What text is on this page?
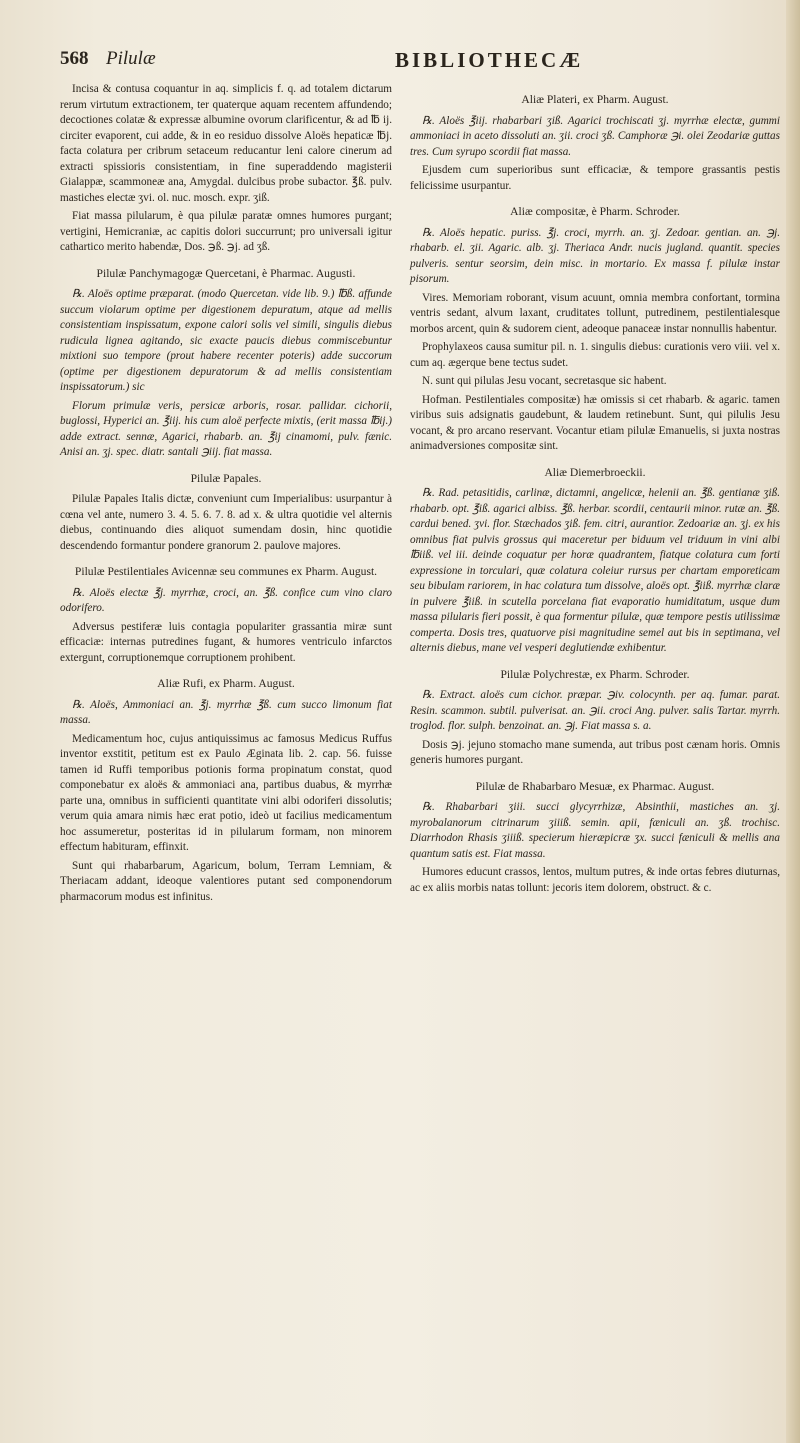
568 Pilulæ	BIBLIOTHECÆ

Incisa & contusa coquantur in aq. simplicis f. q. ad totalem dictarum rerum virtutum extractionem, ter quaterque aquam recentem affundendo; decoctiones colatæ & expressæ albumine ovorum clarificentur, & ad ℔ ij. circiter evaporent, cui adde, & in eo residuo dissolve Aloës hepaticæ ℔j. facta colatura per cribrum setaceum reducantur leni calore cinerum ad extracti spissioris consistentiam, in fine superaddendo magisterii Gialappæ, scammoneæ ana, Amygdal. dulcibus probe subactor. ℥ß. pulv. mastiches electæ ʒvi. ol. nuc. mosch. expr. ʒiß.

Fiat massa pilularum, è qua pilulæ paratæ omnes humores purgant; vertigini, Hemicraniæ, ac capitis dolori succurrunt; pro universali igitur cathartico merito habendæ, Dos. ℈ß. ℈j. ad ʒß.

Pilulæ Panchymagogæ Quercetani, è Pharmac. Augusti.

℞. Aloës optime præparat. (modo Quercetan. vide lib. 9.) ℔ß. affunde succum violarum optime per digestionem depuratum, atque ad mellis consistentiam inspissatum, expone calori solis vel simili, singulis diebus rudicula lignea agitando, sic exacte paucis diebus commiscebuntur mixtioni suo tempore (prout habere recenter poteris) adde succorum (optime per digestionem depuratorum & ad mellis consistentiam inspissatorum.) sic

Florum primulæ veris, persicæ arboris, rosar. pallidar. cichorii, buglossi, Hyperici an. ℥iij. his cum aloë perfecte mixtis, (erit massa ℔ij.) adde extract. sennæ, Agarici, rhabarb. an. ℥ij cinamomi, pulv. fænic. Anisi an. ʒj. spec. diatr. santali ℈iij. fiat massa.

Pilulæ Papales.

Pilulæ Papales Italis dictæ, conveniunt cum Imperialibus: usurpantur à cœna vel ante, numero 3. 4. 5. 6. 7. 8. ad x. & ultra quotidie vel alternis diebus, continuando dies aliquot sumendam dosin, hinc quotidie descendendo formantur pondere granorum 2. paulove majores.

Pilulæ Pestilentiales Avicennæ seu communes ex Pharm. August.

℞. Aloës electæ ℥j. myrrhæ, croci, an. ℥ß. confice cum vino claro odorifero.

Adversus pestiferæ luis contagia populariter grassantia miræ sunt efficaciæ: internas putredines fugant, & humores ventriculo infarctos extergunt, corruptionemque corruptionem prohibent.

Aliæ Rufi, ex Pharm. August.

℞. Aloës, Ammoniaci an. ℥j. myrrhæ ℥ß. cum succo limonum fiat massa.

Medicamentum hoc, cujus antiquissimus ac famosus Medicus Ruffus inventor exstitit, petitum est ex Paulo Æginata lib. 2. cap. 56. fuisse tamen id Ruffi temporibus potionis forma propinatum constat, quod componebatur ex aloës & ammoniaci ana, partibus duabus, & myrrhæ parte una, omnibus in sufficienti quantitate vini albi odoriferi dissolutis; verum quia amara nimis hæc erat potio, ideò ut facilius medicamentum hoc assumeretur, posteritas id in pilularum formam, non minorem effectum habituram, effinxit.

Sunt qui rhabarbarum, Agaricum, bolum, Terram Lemniam, & Theriacam addant, ideoque valentiores putant sed componendorum pharmacorum modus est infinitus.

Aliæ Plateri, ex Pharm. August.

℞. Aloës ℥iij. rhabarbari ʒiß. Agarici trochiscati ʒj. myrrhæ electæ, gummi ammoniaci in aceto dissoluti an. ʒii. croci ʒß. Camphoræ ℈i. olei Zeodariæ guttas tres. Cum syrupo scordii fiat massa.

Ejusdem cum superioribus sunt efficaciæ, & tempore grassantis pestis felicissime usurpantur.

Aliæ compositæ, è Pharm. Schroder.

℞. Aloës hepatic. puriss. ℥j. croci, myrrh. an. ʒj. Zedoar. gentian. an. ℈j. rhabarb. el. ʒii. Agaric. alb. ʒj. Theriaca Andr. nucis jugland. quantit. species pulveris. sentur seorsim, dein misc. in mortario. Ex massa f. pilulæ instar pisorum.

Vires. Memoriam roborant, visum acuunt, omnia membra confortant, tormina ventris sedant, alvum laxant, cruditates tollunt, putredinem, pestilentialesque morbos arcent, quin & sudorem cient, adeoque panaceæ instar nonnullis habentur.

Prophylaxeos causa sumitur pil. n. 1. singulis diebus: curationis vero viii. vel x. cum aq. ægerque bene tectus sudet.

N. sunt qui pilulas Jesu vocant, secretasque sic habent.

Hofman. Pestilentiales compositæ) hæ omissis si cet rhabarb. & agaric. tamen viribus suis adsignatis gaudebunt, & laudem retinebunt. Sunt, qui pilulis Jesu vocant, & pro arcano reservant. Vocantur etiam pilulæ Emanuelis, si juxta nostras animadversiones compositæ sint.

Aliæ Diemerbroeckii.

℞. Rad. petasitidis, carlinæ, dictamni, angelicæ, helenii an. ℥ß. gentianæ ʒiß. rhabarb. opt. ℥iß. agarici albiss. ℥ß. herbar. scordii, centaurii minor. rutæ an. ℥ß. cardui bened. ʒvi. flor. Stæchados ʒiß. fem. citri, aurantior. Zedoariæ an. ʒj. ex his omnibus fiat pulvis grossus qui maceretur per biduum vel triduum in vini albi ℔iiß. vel iii. deinde coquatur per horæ quadrantem, fiatque colatura cum forti expressione in torculari, quæ colatura coleiur rursus per chartam emporeticam seu bibulam rariorem, in hac colatura tum dissolve, aloës opt. ℥iiß. myrrhæ claræ in pulvere ℥iiß. in scutella porcelana fiat evaporatio humiditatum, usque dum massa pilularis fieri possit, è qua formentur pilulæ, quæ tempore pestis utilissimæ comperta. Dosis tres, quatuorve pisi magnitudine semel aut bis in septimana, vel alternis diebus, mane vel vesperi deglutiendæ exhibentur.

Pilulæ Polychrestæ, ex Pharm. Schroder.

℞. Extract. aloës cum cichor. præpar. ℈iv. colocynth. per aq. fumar. parat. Resin. scammon. subtil. pulverisat. an. ℈ii. croci Ang. pulver. salis Tartar. myrrh. troglod. flor. sulph. benzoinat. an. ℈j. Fiat massa s. a.

Dosis ℈j. jejuno stomacho mane sumenda, aut tribus post cænam horis. Omnis generis humores purgant.

Pilulæ de Rhabarbaro Mesuæ, ex Pharmac. August.

℞. Rhabarbari ʒiii. succi glycyrrhizæ, Absinthii, mastiches an. ʒj. myrobalanorum citrinarum ʒiiiß. semin. apii, fæniculi an. ʒß. trochisc. Diarrhodon Rhasis ʒiiiß. specierum hieræpicræ ʒx. succi fæniculi & mellis ana quantum satis est. Fiat massa.

Humores educunt crassos, lentos, multum putres, & inde ortas febres diuturnas, ac ex aliis morbis natas tollunt: jecoris item dolorem, obstruct. & c.
